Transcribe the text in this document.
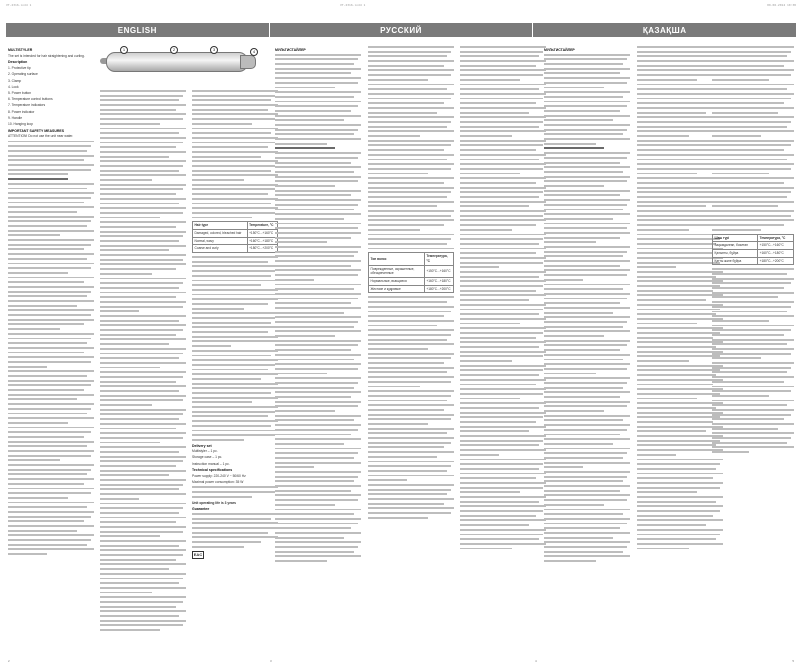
VT-2316.indd 1	VT-2316.indd 1	09.06.2014 10:38
ENGLISH	РУССКИЙ	ҚАЗАҚША
1	2	3	4
MULTISTYLER

The set is intended for hair straightening and curling.

Description

1. Protective tip

2. Operating surface

3. Clamp

4. Lock

5. Power button

6. Temperature control buttons

7. Temperature indicators

8. Power indicator

9. Handle

10. Hanging loop

IMPORTANT SAFETY MEASURES

ATTENTION! Do not use the unit near water.

Hair type	Temperature, °C
Damaged, colored, bleached hair	+150°C...+160°C
Normal, wavy	+160°C...+180°C
Coarse and curly	+180°C...+200°C
Delivery set

Multistyler – 1 pc.

Storage case – 1 pc.

Instruction manual – 1 pc.

Technical specifications

Power supply: 220-240 V ~ 50/60 Hz

Maximal power consumption: 35 W

Unit operating life is 3 years

Guarantee
EAC
МУЛЬТИСТАЙЛЕР
Тип волос	Температура, °С
Поврежденные, окрашенные, обесцвеченные	+150°C...+160°C
Нормальные, вьющиеся	+160°C...+180°C
Жесткие и кудрявые	+180°C...+200°C
МУЛЬТИСТАЙЛЕР
Шаш түрі	Температура, °С
Зақымдалған, боялған	+150°C...+160°C
Қалыпты, бұйра	+160°C...+180°C
Қатты және бұйра	+180°C...+200°C
2	3	4	5
